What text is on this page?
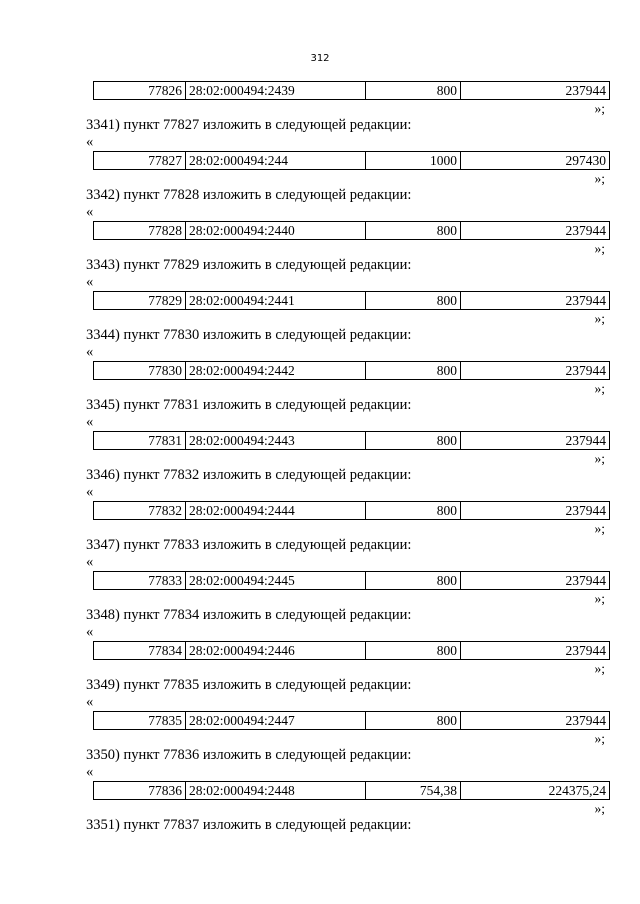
312
77826	28:02:000494:2439	800	237944
»;
3341) пункт 77827 изложить в следующей редакции:
«
77827	28:02:000494:244	1000	297430
»;
3342) пункт 77828 изложить в следующей редакции:
«
77828	28:02:000494:2440	800	237944
»;
3343) пункт 77829 изложить в следующей редакции:
«
77829	28:02:000494:2441	800	237944
»;
3344) пункт 77830 изложить в следующей редакции:
«
77830	28:02:000494:2442	800	237944
»;
3345) пункт 77831 изложить в следующей редакции:
«
77831	28:02:000494:2443	800	237944
»;
3346) пункт 77832 изложить в следующей редакции:
«
77832	28:02:000494:2444	800	237944
»;
3347) пункт 77833 изложить в следующей редакции:
«
77833	28:02:000494:2445	800	237944
»;
3348) пункт 77834 изложить в следующей редакции:
«
77834	28:02:000494:2446	800	237944
»;
3349) пункт 77835 изложить в следующей редакции:
«
77835	28:02:000494:2447	800	237944
»;
3350) пункт 77836 изложить в следующей редакции:
«
77836	28:02:000494:2448	754,38	224375,24
»;
3351) пункт 77837 изложить в следующей редакции:
